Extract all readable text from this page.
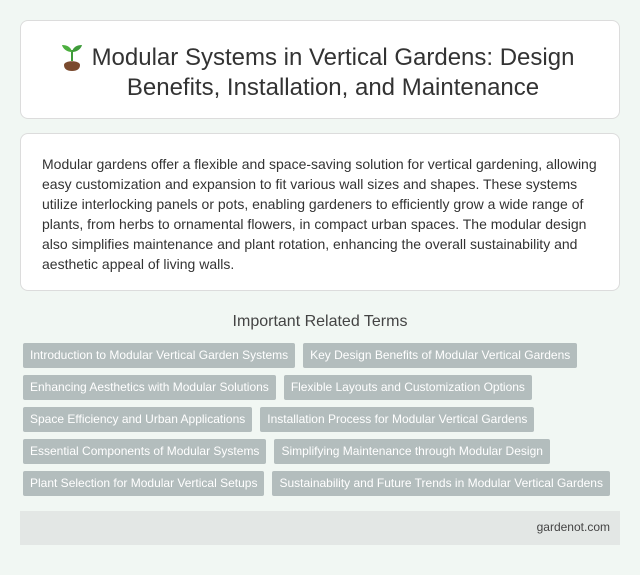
Modular Systems in Vertical Gardens: Design Benefits, Installation, and Maintenance

Modular gardens offer a flexible and space-saving solution for vertical gardening, allowing easy customization and expansion to fit various wall sizes and shapes. These systems utilize interlocking panels or pots, enabling gardeners to efficiently grow a wide range of plants, from herbs to ornamental flowers, in compact urban spaces. The modular design also simplifies maintenance and plant rotation, enhancing the overall sustainability and aesthetic appeal of living walls.

Important Related Terms
Introduction to Modular Vertical Garden Systems	Key Design Benefits of Modular Vertical Gardens
Enhancing Aesthetics with Modular Solutions	Flexible Layouts and Customization Options
Space Efficiency and Urban Applications	Installation Process for Modular Vertical Gardens
Essential Components of Modular Systems	Simplifying Maintenance through Modular Design
Plant Selection for Modular Vertical Setups	Sustainability and Future Trends in Modular Vertical Gardens
gardenot.com
